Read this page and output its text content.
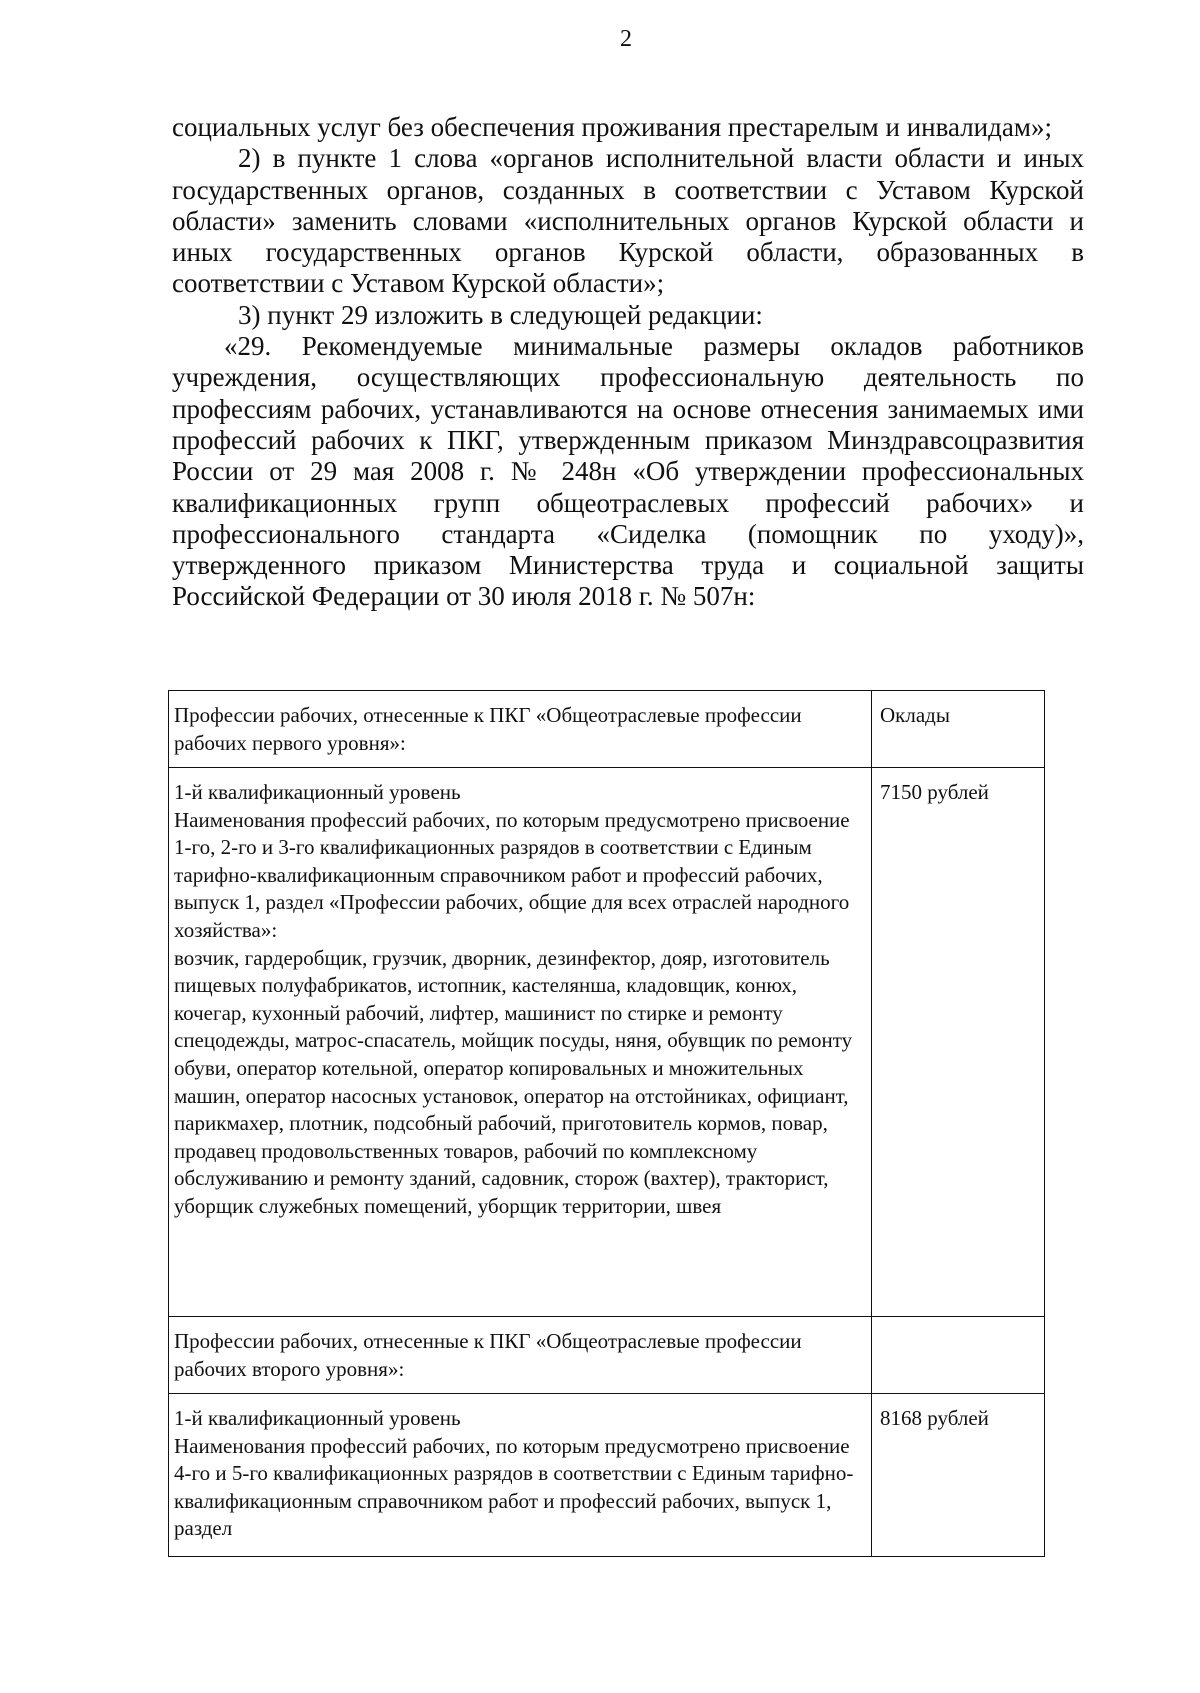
2

социальных услуг без обеспечения проживания престарелым и инвалидам»;

2) в пункте 1 слова «органов исполнительной власти области и иных государственных органов, созданных в соответствии с Уставом Курской области» заменить словами «исполнительных органов Курской области и иных государственных органов Курской области, образованных в соответствии с Уставом Курской области»;

3) пункт 29 изложить в следующей редакции:

«29. Рекомендуемые минимальные размеры окладов работников учреждения, осуществляющих профессиональную деятельность по профессиям рабочих, устанавливаются на основе отнесения занимаемых ими профессий рабочих к ПКГ, утвержденным приказом Минздравсоцразвития России от 29 мая 2008 г. № 248н «Об утверждении профессиональных квалификационных групп общеотраслевых профессий рабочих» и профессионального стандарта «Сиделка (помощник по уходу)», утвержденного приказом Министерства труда и социальной защиты Российской Федерации от 30 июля 2018 г. № 507н:

Профессии рабочих, отнесенные к ПКГ «Общеотраслевые профессии рабочих первого уровня»:	Оклады

1-й квалификационный уровень
Наименования профессий рабочих, по которым предусмотрено присвоение 1-го, 2-го и 3-го квалификационных разрядов в соответствии с Единым тарифно-квалификационным справочником работ и профессий рабочих, выпуск 1, раздел «Профессии рабочих, общие для всех отраслей народного хозяйства»:
возчик, гардеробщик, грузчик, дворник, дезинфектор, дояр, изготовитель пищевых полуфабрикатов, истопник, кастелянша, кладовщик, конюх, кочегар, кухонный рабочий, лифтер, машинист по стирке и ремонту спецодежды, матрос-спасатель, мойщик посуды, няня, обувщик по ремонту обуви, оператор котельной, оператор копировальных и множительных машин, оператор насосных установок, оператор на отстойниках, официант, парикмахер, плотник, подсобный рабочий, приготовитель кормов, повар, продавец продовольственных товаров, рабочий по комплексному обслуживанию и ремонту зданий, садовник, сторож (вахтер), тракторист, уборщик служебных помещений, уборщик территории, швея	7150 рублей
Профессии рабочих, отнесенные к ПКГ «Общеотраслевые профессии рабочих второго уровня»:	

1-й квалификационный уровень
Наименования профессий рабочих, по которым предусмотрено присвоение 4-го и 5-го квалификационных разрядов в соответствии с Единым тарифно-квалификационным справочником работ и профессий рабочих, выпуск 1, раздел	8168 рублей
